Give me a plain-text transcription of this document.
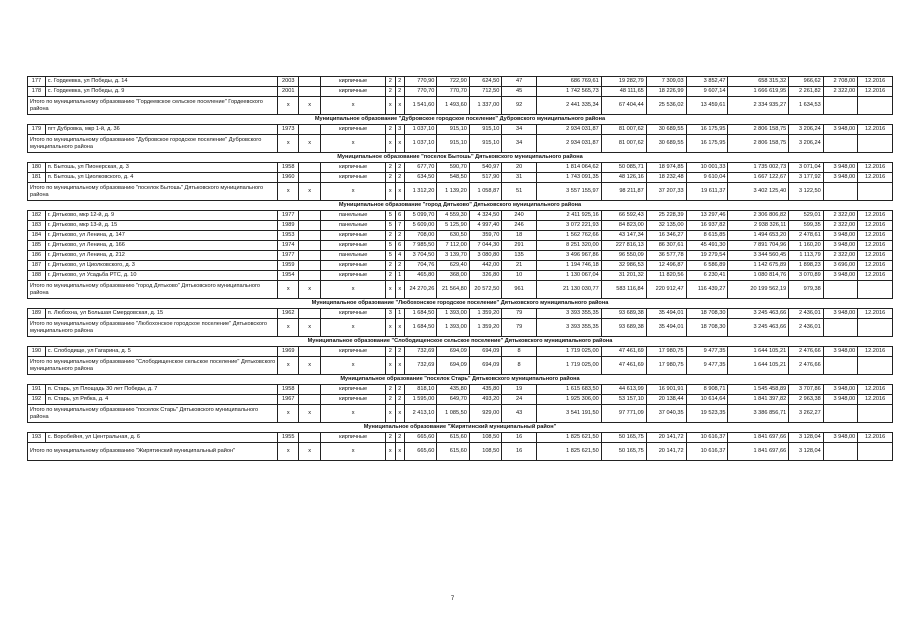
177	с. Гордеевка, ул Победы, д. 14	2003		кирпичные	2	2	770,90	722,90	624,50	47	686 769,61	19 282,79	7 309,03	3 852,47	658 315,32	966,62	2 708,00	12.2016
178	с. Гордеевка, ул Победы, д. 9	2001		кирпичные	2	2	770,70	770,70	712,50	45	1 742 565,73	48 111,65	18 226,99	9 607,14	1 666 619,95	2 261,82	2 322,00	12.2016
Итого по муниципальному образованию "Гордеевское сельское поселение" Гордеевского района		x	x	x	x	x	1 541,60	1 493,60	1 337,00	92	2 441 335,34	67 404,44	25 536,02	13 459,61	2 334 935,27	1 634,53		
Муниципальное образование "Дубровское городское поселение" Дубровского муниципального района																		
179	пгт Дубровка, мкр 1-й, д. 36	1973		кирпичные	2	3	1 037,10	915,10	915,10	34	2 934 031,87	81 007,62	30 689,55	16 175,95	2 806 158,75	3 206,24	3 948,00	12.2016
Итого по муниципальному образованию "Дубровское городское поселение" Дубровского муниципального района		x	x	x	x	x	1 037,10	915,10	915,10	34	2 934 031,87	81 007,62	30 689,55	16 175,95	2 806 158,75	3 206,24		
Муниципальное образование "поселок Бытошь" Дятьковского муниципального района																		
180	п. Бытошь, ул Пионерская, д. 3	1958		кирпичные	2	2	677,70	590,70	540,97	20	1 814 064,62	50 085,71	18 974,85	10 001,33	1 735 002,73	3 071,04	3 948,00	12.2016
181	п. Бытошь, ул Циолковского, д. 4	1960		кирпичные	2	2	634,50	548,50	517,90	31	1 743 091,35	48 126,16	18 232,48	9 610,04	1 667 122,67	3 177,92	3 948,00	12.2016
Итого по муниципальному образованию "поселок Бытошь" Дятьковского муниципального района		x	x	x	x	x	1 312,20	1 139,20	1 058,87	51	3 557 155,97	98 211,87	37 207,33	19 611,37	3 402 125,40	3 122,50		
Муниципальное образование "город Дятьково" Дятьковского муниципального района																		
182	г. Дятьково, мкр 12-й, д. 9	1977		панельные	5	6	5 099,70	4 559,30	4 324,50	240	2 411 925,16	66 592,43	25 228,39	13 297,46	2 306 806,82	529,01	2 322,00	12.2016
183	г. Дятьково, мкр 13-й, д. 15	1989		панельные	5	7	5 609,00	5 125,90	4 997,40	246	3 072 221,93	84 823,00	32 135,00	16 937,82	2 938 326,11	599,35	2 322,00	12.2016
184	г. Дятьково, ул Ленина, д. 147	1953		кирпичные	2	2	708,00	630,50	359,70	18	1 562 762,66	43 147,34	16 346,27	8 615,85	1 494 653,20	2 478,61	3 948,00	12.2016
185	г. Дятьково, ул Ленина, д. 166	1974		кирпичные	5	6	7 985,50	7 112,00	7 044,30	291	8 251 320,00	227 816,13	86 307,61	45 491,30	7 891 704,96	1 160,20	3 948,00	12.2016
186	г. Дятьково, ул Ленина, д. 212	1977		панельные	5	4	3 704,50	3 139,70	3 080,80	135	3 496 967,86	96 550,09	36 577,78	19 279,54	3 344 560,45	1 113,79	2 322,00	12.2016
187	г. Дятьково, ул Циолковского, д. 3	1959		кирпичные	2	2	704,76	629,40	442,00	21	1 194 746,18	32 986,53	12 496,87	6 586,89	1 142 675,89	1 898,23	3 696,00	12.2016
188	г. Дятьково, ул Усадьба РТС, д. 10	1954		кирпичные	2	1	465,80	368,00	326,80	10	1 130 067,04	31 201,32	11 820,56	6 230,41	1 080 814,76	3 070,89	3 948,00	12.2016
Итого по муниципальному образованию "город Дятьково" Дятьковского муниципального района		x	x	x	x	x	24 270,26	21 564,80	20 572,50	961	21 130 030,77	583 116,84	220 912,47	116 439,27	20 199 562,19	979,38		
Муниципальное образование "Любохонское городское поселение" Дятьковского муниципального района																		
189	п. Любохна, ул Большая Смердовская, д. 15	1962		кирпичные	3	1	1 684,50	1 393,00	1 359,20	79	3 393 355,35	93 689,38	35 494,01	18 708,30	3 245 463,66	2 436,01	3 948,00	12.2016
Итого по муниципальному образованию "Любохонское городское поселение" Дятьковского муниципального района		x	x	x	x	x	1 684,50	1 393,00	1 359,20	79	3 393 355,35	93 689,38	35 494,01	18 708,30	3 245 463,66	2 436,01		
Муниципальное образование "Слободищенское сельское поселение" Дятьковского муниципального района																		
190	с. Слободище, ул Гагарина, д. 5	1969		кирпичные	2	2	732,69	694,09	694,09	8	1 719 025,00	47 461,69	17 980,75	9 477,35	1 644 105,21	2 476,66	3 948,00	12.2016
Итого по муниципальному образованию "Слободищенское сельское поселение" Дятьковского муниципального района		x	x	x	x	x	732,69	694,09	694,09	8	1 719 025,00	47 461,69	17 980,75	9 477,35	1 644 105,21	2 476,66		
Муниципальное образование "поселок Старь" Дятьковского муниципального района																		
191	п. Старь, ул Площадь 30 лет Победы, д. 7	1958		кирпичные	2	2	818,10	435,80	435,80	19	1 615 683,50	44 613,99	16 901,91	8 908,71	1 545 458,89	3 707,86	3 948,00	12.2016
192	п. Старь, ул Рябка, д. 4	1967		кирпичные	2	2	1 595,00	649,70	493,20	24	1 925 306,00	53 157,10	20 138,44	10 614,64	1 841 397,82	2 963,38	3 948,00	12.2016
Итого по муниципальному образованию "поселок Старь" Дятьковского муниципального района		x	x	x	x	x	2 413,10	1 085,50	929,00	43	3 541 191,50	97 771,09	37 040,35	19 523,35	3 386 856,71	3 262,27		
Муниципальное образование "Жирятинский муниципальный район"																		
193	с. Воробейня, ул Центральная, д. 6	1955		кирпичные	2	2	665,60	615,60	108,50	16	1 825 621,50	50 165,75	20 141,72	10 616,37	1 841 697,66	3 128,04	3 948,00	12.2016
Итого по муниципальному образованию "Жирятинский муниципальный район"		x	x	x	x	x	665,60	615,60	108,50	16	1 825 621,50	50 165,75	20 141,72	10 616,37	1 841 697,66	3 128,04		
7
